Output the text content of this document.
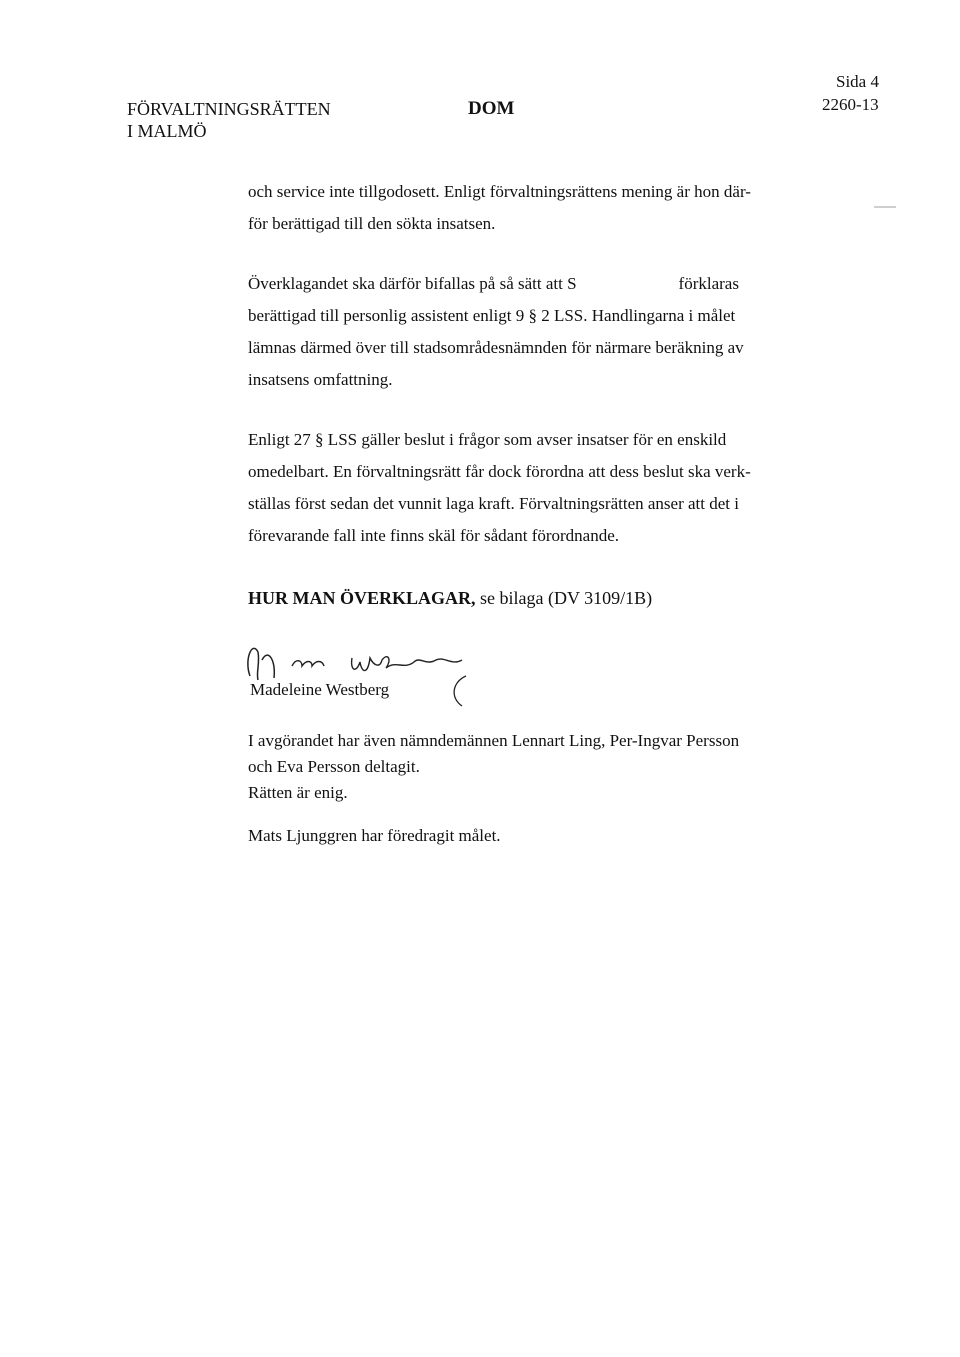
FÖRVALTNINGSRÄTTEN
I MALMÖ
DOM
Sida 4
2260-13
och service inte tillgodosett. Enligt förvaltningsrättens mening är hon där-
för berättigad till den sökta insatsen.
Överklagandet ska därför bifallas på så sätt att S                        förklaras
berättigad till personlig assistent enligt 9 § 2 LSS. Handlingarna i målet
lämnas därmed över till stadsområdesnämnden för närmare beräkning av
insatsens omfattning.
Enligt 27 § LSS gäller beslut i frågor som avser insatser för en enskild
omedelbart. En förvaltningsrätt får dock förordna att dess beslut ska verk-
ställas först sedan det vunnit laga kraft. Förvaltningsrätten anser att det i
förevarande fall inte finns skäl för sådant förordnande.
HUR MAN ÖVERKLAGAR, se bilaga (DV 3109/1B)
Madeleine Westberg
I avgörandet har även nämndemännen Lennart Ling, Per-Ingvar Persson
och Eva Persson deltagit.
Rätten är enig.
Mats Ljunggren har föredragit målet.
